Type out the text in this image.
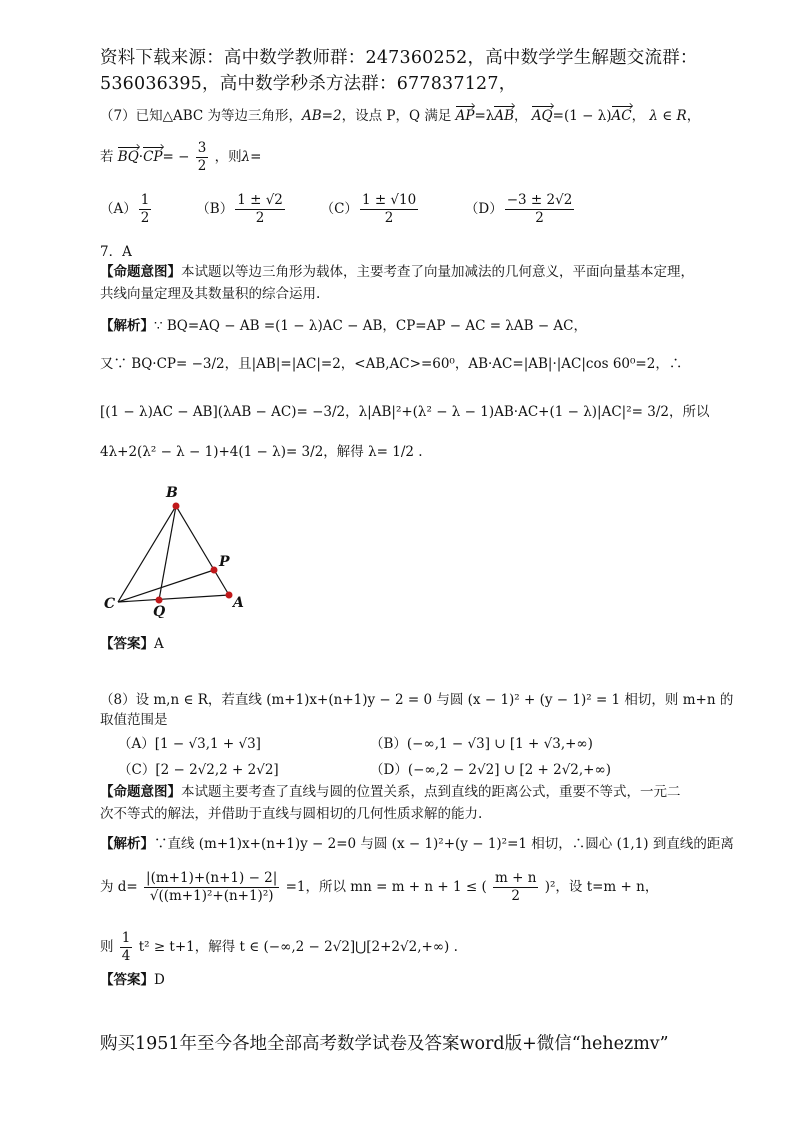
资料下载来源：高中数学教师群：247360252，高中数学学生解题交流群：
536036395，高中数学秒杀方法群：677837127，
（7）已知△ABC 为等边三角形，AB=2，设点 P，Q 满足 AP=λAB， AQ=(1 − λ)AC， λ ∈ R，
若 $BQ\cdot CP= - \frac{3}{2}$ ，则λ=
$(A) \frac{1}{2}$	$(B) \frac{1 \pm √2}{2}$	$(C) \frac{1 \pm √10}{2}$	$(D) \frac{-3 \pm 2√2}{2}$
7．A
【命题意图】本试题以等边三角形为载体，主要考查了向量加减法的几何意义，平面向量基本定理，
共线向量定理及其数量积的综合运用.
【解析】∵ BQ=AQ − AB =(1 − λ)AC − AB，CP=AP − AC = λAB − AC，
又∵ BQ·CP= −3/2，且|AB|=|AC|=2，<AB,AC>=60⁰，AB·AC=|AB|·|AC|cos 60⁰=2，∴
[(1 − λ)AC − AB](λAB − AC)= −3/2，λ|AB|²+(λ² − λ − 1)AB·AC+(1 − λ)|AC|²= 3/2，所以
4λ+2(λ² − λ − 1)+4(1 − λ)= 3/2，解得 λ= 1/2 .
B
P
C	Q
A
【答案】A
（8）设 m,n ∈ R，若直线 (m+1)x+(n+1)y − 2 = 0 与圆 (x − 1)² + (y − 1)² = 1 相切，则 m+n 的
取值范围是
（A）[1 − √3,1 + √3]	（B）(−∞,1 − √3] ∪ [1 + √3,+∞)
（C）[2 − 2√2,2 + 2√2]	（D）(−∞,2 − 2√2] ∪ [2 + 2√2,+∞)
【命题意图】本试题主要考查了直线与圆的位置关系，点到直线的距离公式，重要不等式，一元二
次不等式的解法，并借助于直线与圆相切的几何性质求解的能力.
【解析】∵直线 (m+1)x+(n+1)y − 2=0 与圆 (x − 1)²+(y − 1)²=1 相切，∴圆心 (1,1) 到直线的距离
为 $d= \frac{|(m+1)+(n+1) - 2|}{\text{√((m+1)²+(n+1)²)}} =1$，所以 mn = m + n + 1 ≤ ( $\frac{m + n}{2} )^2$，设 t=m + n，
则 $\frac{1}{4} t^2 \ge t+1$，解得 t ∈ (−∞,2 − 2√2]⋃[2+2√2,+∞) .
【答案】D
购买1951年至今各地全部高考数学试卷及答案word版+微信“hehezmv”
